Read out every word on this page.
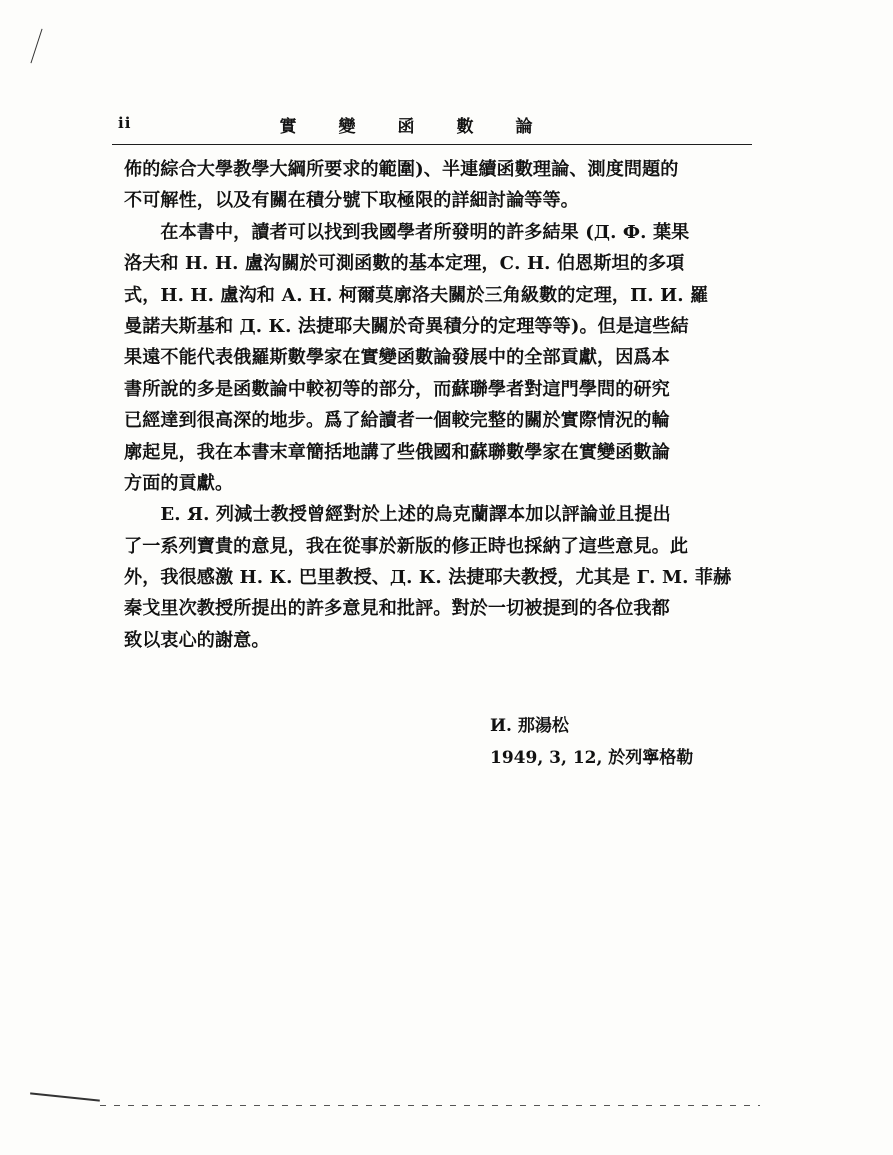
ii	實變函數論
佈的綜合大學教學大綱所要求的範圍)、半連續函數理論、測度問題的
不可解性，以及有關在積分號下取極限的詳細討論等等。
　　在本書中，讀者可以找到我國學者所發明的許多結果 (Д. Ф. 葉果
洛夫和 Н. Н. 盧沟關於可測函數的基本定理，С. Н. 伯恩斯坦的多項
式，Н. Н. 盧沟和 А. Н. 柯爾莫廓洛夫關於三角級數的定理，П. И. 羅
曼諾夫斯基和 Д. К. 法捷耶夫關於奇異積分的定理等等)。但是這些結
果遠不能代表俄羅斯數學家在實變函數論發展中的全部貢獻，因爲本
書所說的多是函數論中較初等的部分，而蘇聯學者對這門學問的研究
已經達到很高深的地步。爲了給讀者一個較完整的關於實際情況的輪
廓起見，我在本書末章簡括地講了些俄國和蘇聯數學家在實變函數論
方面的貢獻。
　　Е. Я. 列減士教授曾經對於上述的烏克蘭譯本加以評論並且提出
了一系列寶貴的意見，我在從事於新版的修正時也採納了這些意見。此
外，我很感激 Н. К. 巴里教授、Д. К. 法捷耶夫教授，尤其是 Г. М. 菲赫
秦戈里次教授所提出的許多意見和批評。對於一切被提到的各位我都
致以衷心的謝意。
И. 那湯松
1949, 3, 12, 於列寧格勒
